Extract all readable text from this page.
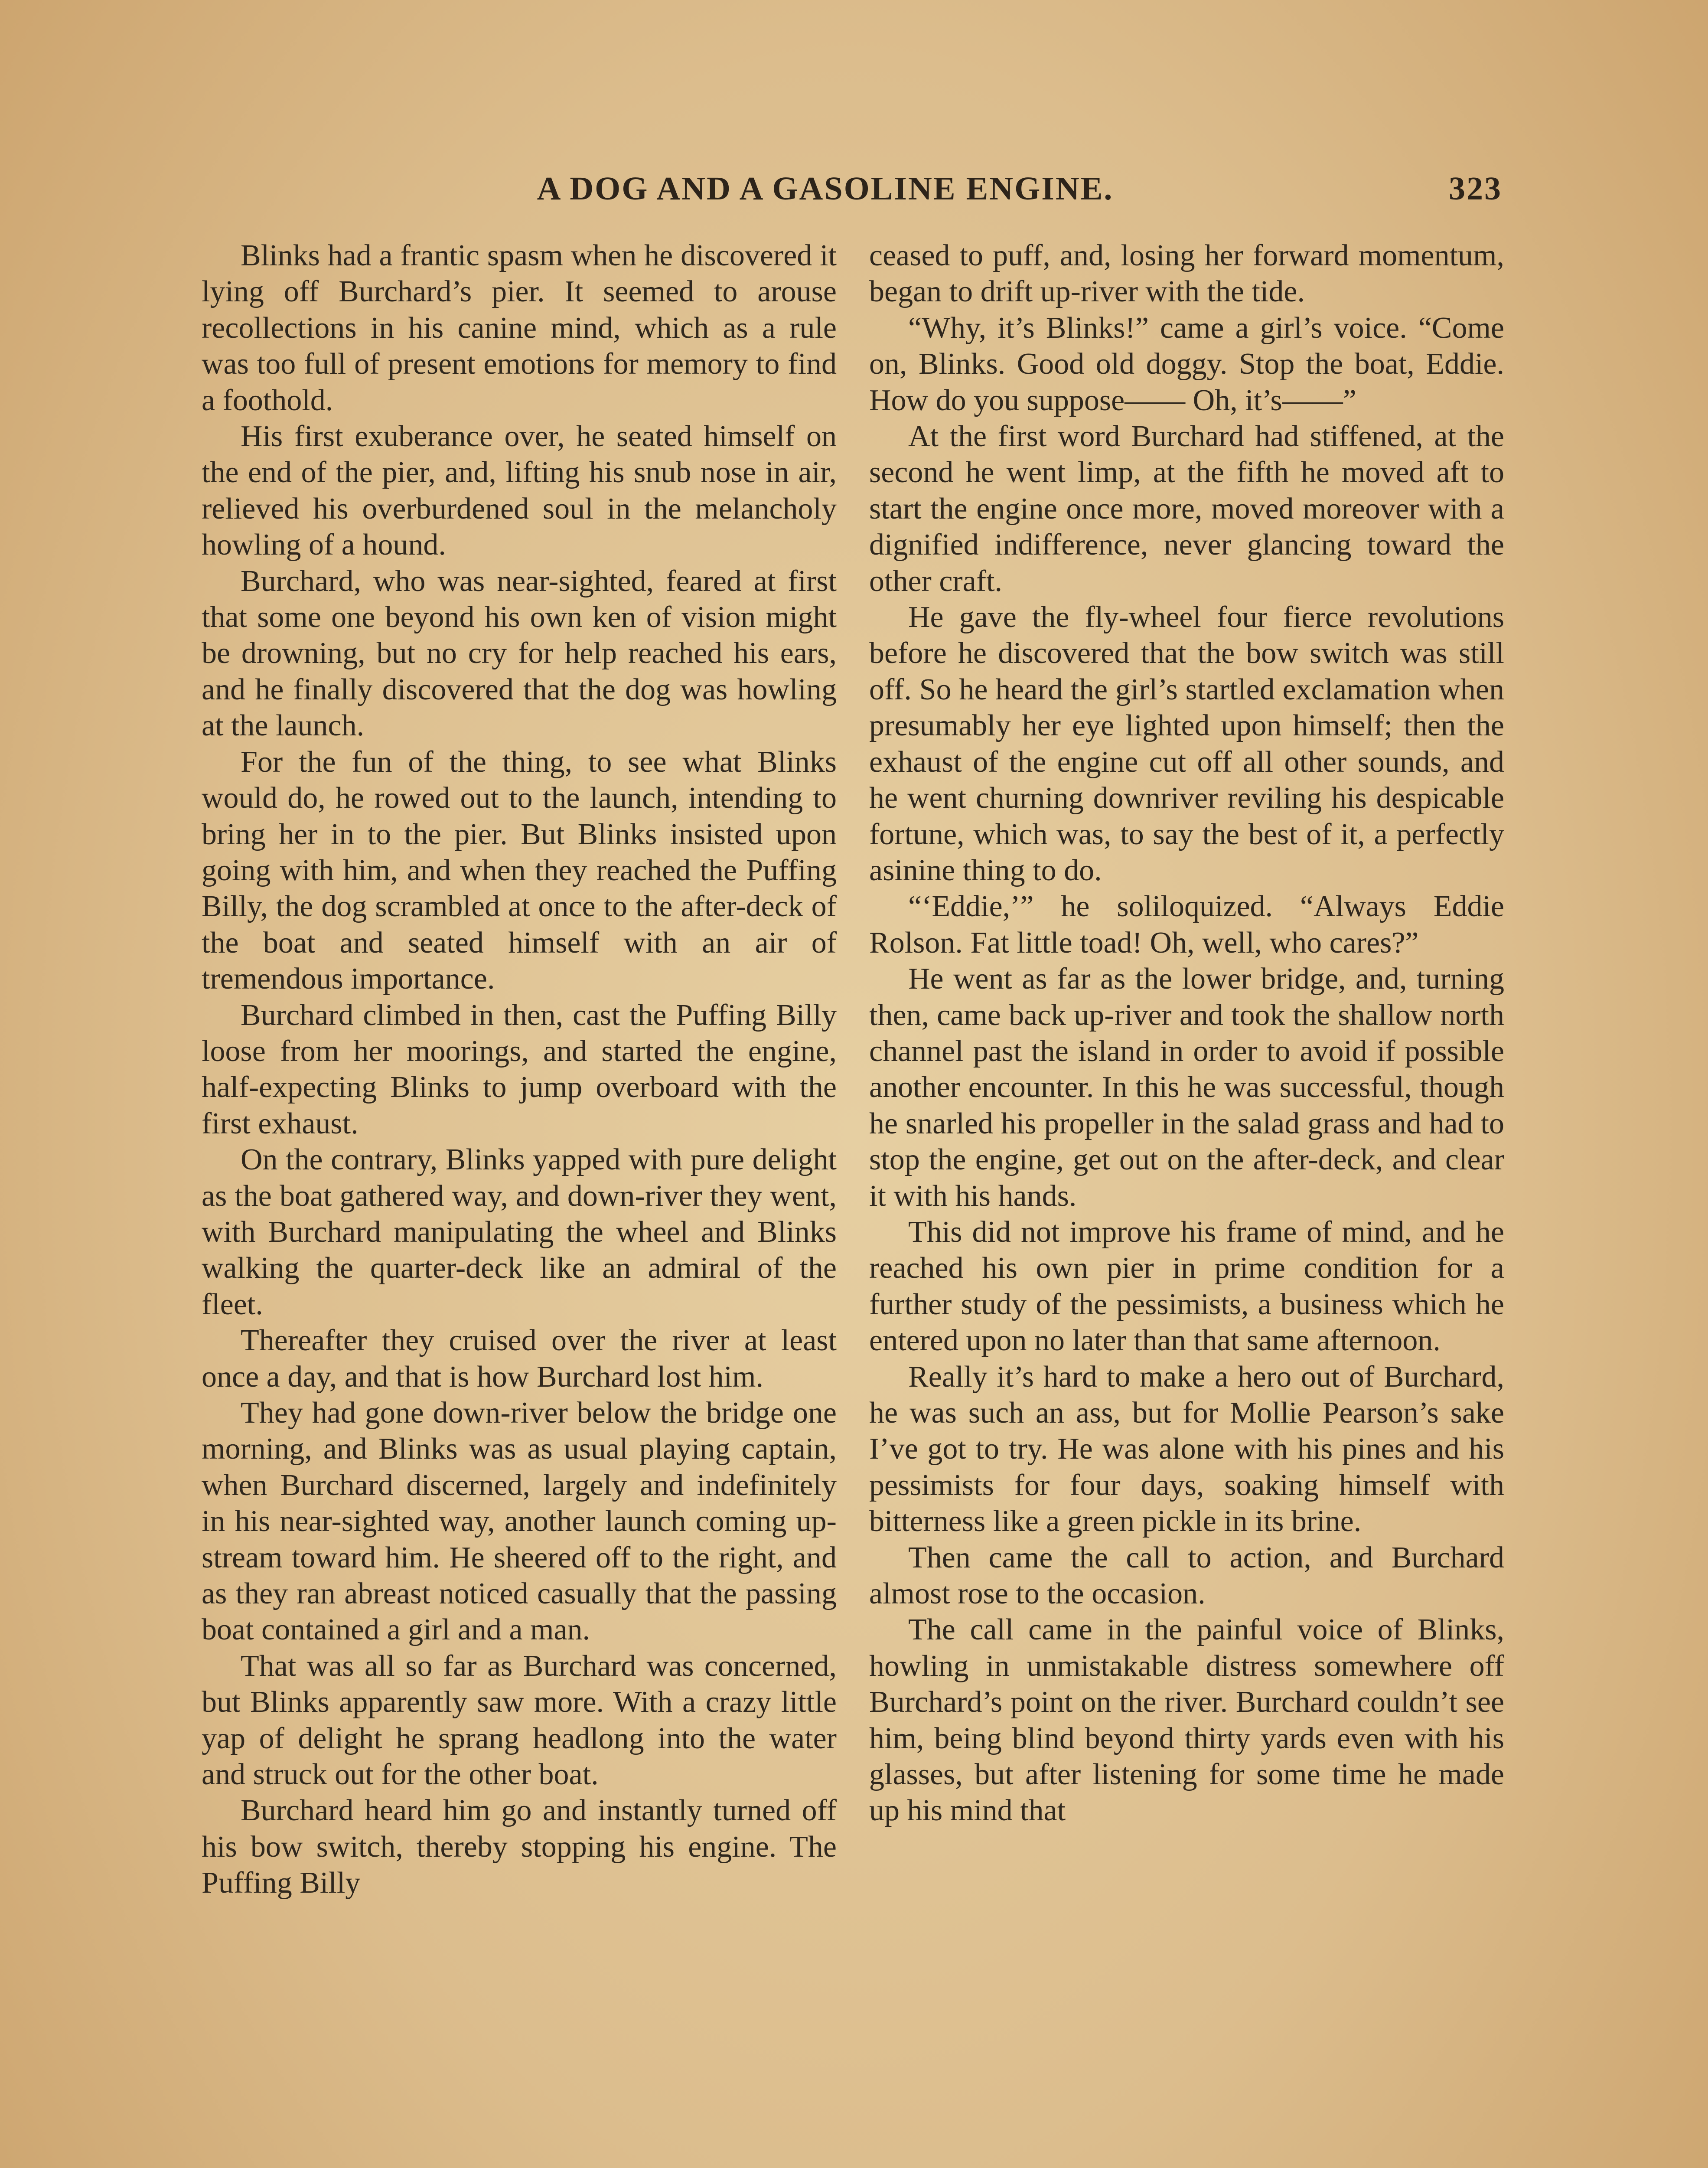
A DOG AND A GASOLINE ENGINE.	323

Blinks had a frantic spasm when he discovered it lying off Burchard’s pier. It seemed to arouse recollections in his canine mind, which as a rule was too full of present emotions for memory to find a foothold.

His first exuberance over, he seated himself on the end of the pier, and, lifting his snub nose in air, relieved his overburdened soul in the melancholy howling of a hound.

Burchard, who was near-sighted, feared at first that some one beyond his own ken of vision might be drowning, but no cry for help reached his ears, and he finally discovered that the dog was howling at the launch.

For the fun of the thing, to see what Blinks would do, he rowed out to the launch, intending to bring her in to the pier. But Blinks insisted upon going with him, and when they reached the Puffing Billy, the dog scrambled at once to the after-deck of the boat and seated himself with an air of tremendous importance.

Burchard climbed in then, cast the Puffing Billy loose from her moorings, and started the engine, half-expecting Blinks to jump overboard with the first exhaust.

On the contrary, Blinks yapped with pure delight as the boat gathered way, and down-river they went, with Burchard manipulating the wheel and Blinks walking the quarter-deck like an admiral of the fleet.

Thereafter they cruised over the river at least once a day, and that is how Burchard lost him.

They had gone down-river below the bridge one morning, and Blinks was as usual playing captain, when Burchard discerned, largely and indefinitely in his near-sighted way, another launch coming up-stream toward him. He sheered off to the right, and as they ran abreast noticed casually that the passing boat contained a girl and a man.

That was all so far as Burchard was concerned, but Blinks apparently saw more. With a crazy little yap of delight he sprang headlong into the water and struck out for the other boat.

Burchard heard him go and instantly turned off his bow switch, thereby stopping his engine. The Puffing Billy

ceased to puff, and, losing her forward momentum, began to drift up-river with the tide.

“Why, it’s Blinks!” came a girl’s voice. “Come on, Blinks. Good old doggy. Stop the boat, Eddie. How do you suppose—— Oh, it’s——”

At the first word Burchard had stiffened, at the second he went limp, at the fifth he moved aft to start the engine once more, moved moreover with a dignified indifference, never glancing toward the other craft.

He gave the fly-wheel four fierce revolutions before he discovered that the bow switch was still off. So he heard the girl’s startled exclamation when presumably her eye lighted upon himself; then the exhaust of the engine cut off all other sounds, and he went churning downriver reviling his despicable fortune, which was, to say the best of it, a perfectly asinine thing to do.

“‘Eddie,’” he soliloquized. “Always Eddie Rolson. Fat little toad! Oh, well, who cares?”

He went as far as the lower bridge, and, turning then, came back up-river and took the shallow north channel past the island in order to avoid if possible another encounter. In this he was successful, though he snarled his propeller in the salad grass and had to stop the engine, get out on the after-deck, and clear it with his hands.

This did not improve his frame of mind, and he reached his own pier in prime condition for a further study of the pessimists, a business which he entered upon no later than that same afternoon.

Really it’s hard to make a hero out of Burchard, he was such an ass, but for Mollie Pearson’s sake I’ve got to try. He was alone with his pines and his pessimists for four days, soaking himself with bitterness like a green pickle in its brine.

Then came the call to action, and Burchard almost rose to the occasion.

The call came in the painful voice of Blinks, howling in unmistakable distress somewhere off Burchard’s point on the river. Burchard couldn’t see him, being blind beyond thirty yards even with his glasses, but after listening for some time he made up his mind that
